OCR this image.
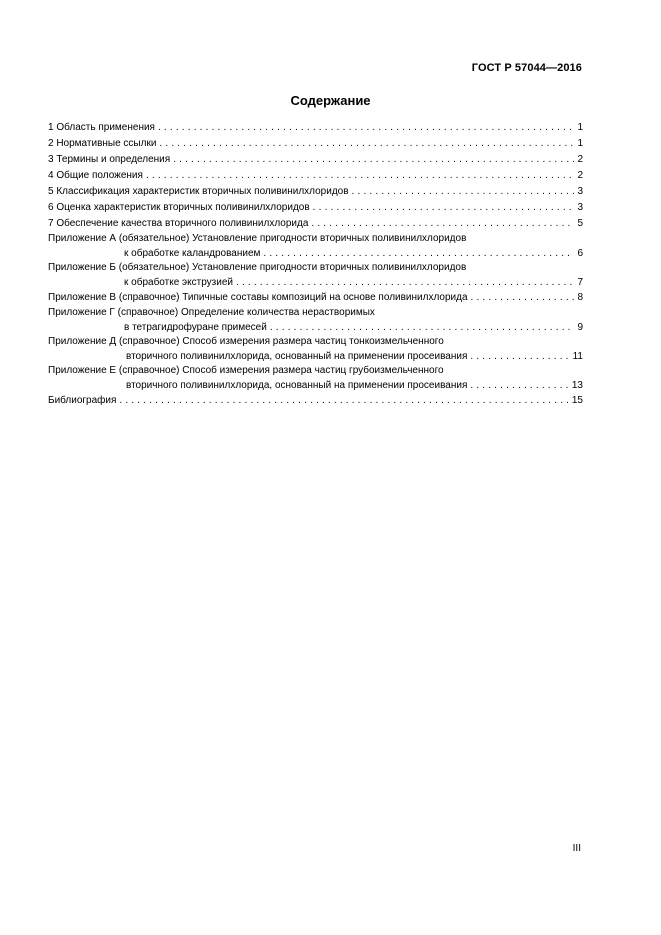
ГОСТ Р 57044—2016
Содержание
1 Область применения . . .	1
2 Нормативные ссылки . . .	1
3 Термины и определения . . .	2
4 Общие положения . . .	2
5 Классификация характеристик вторичных поливинилхлоридов . . .	3
6 Оценка характеристик вторичных поливинилхлоридов . . .	3
7 Обеспечение качества вторичного поливинилхлорида . . .	5
Приложение А (обязательное) Установление пригодности вторичных поливинилхлоридов
к обработке каландрованием . . .	6
Приложение Б (обязательное) Установление пригодности вторичных поливинилхлоридов
к обработке экструзией . . .	7
Приложение В (справочное) Типичные составы композиций на основе поливинилхлорида . . .	8
Приложение Г (справочное) Определение количества нерастворимых
в тетрагидрофуране примесей . . .	9
Приложение Д (справочное) Способ измерения размера частиц тонкоизмельченного
вторичного поливинилхлорида, основанный на применении просеивания . . .	11
Приложение Е (справочное) Способ измерения размера частиц грубоизмельченного
вторичного поливинилхлорида, основанный на применении просеивания . . .	13
Библиография . . .	15
III
